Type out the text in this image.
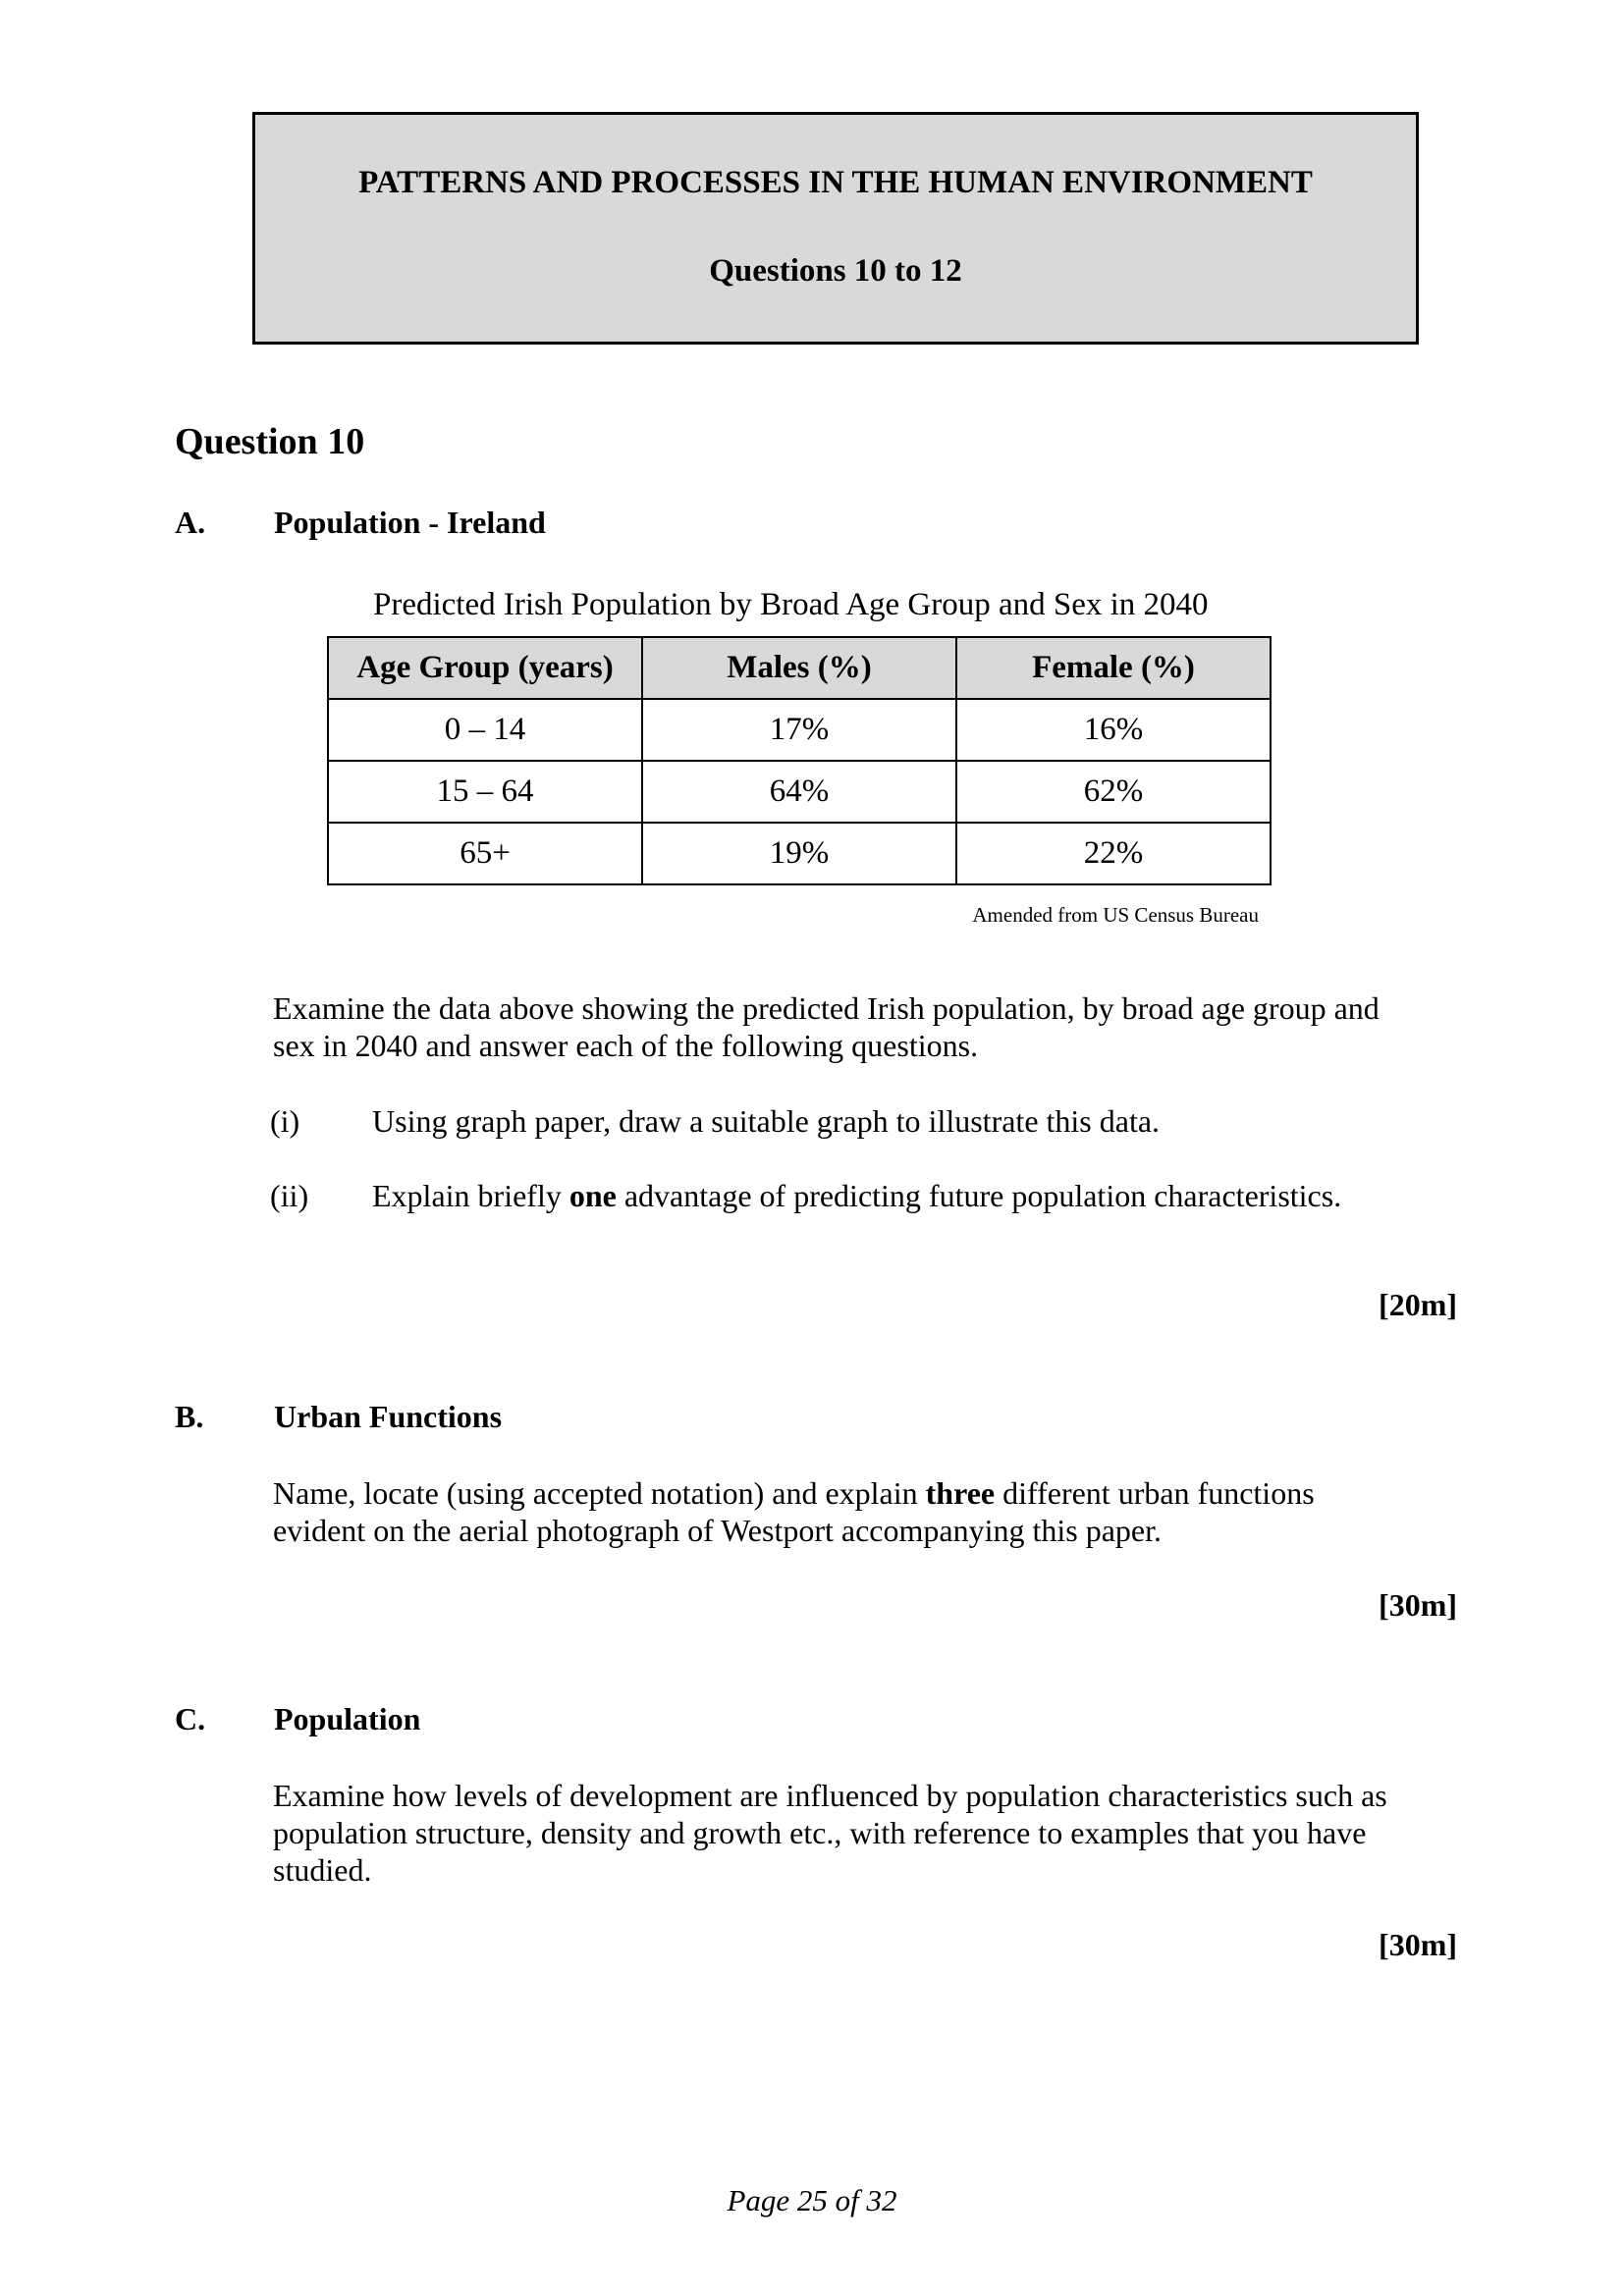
PATTERNS AND PROCESSES IN THE HUMAN ENVIRONMENT
Questions 10 to 12
Question 10
A. Population - Ireland
Predicted Irish Population by Broad Age Group and Sex in 2040
Age Group (years)	Males (%)	Female (%)
0 – 14	17%	16%
15 – 64	64%	62%
65+	19%	22%
Amended from US Census Bureau
Examine the data above showing the predicted Irish population, by broad age group and
sex in 2040 and answer each of the following questions.
(i) Using graph paper, draw a suitable graph to illustrate this data.
(ii) Explain briefly one advantage of predicting future population characteristics.
[20m]
B. Urban Functions
Name, locate (using accepted notation) and explain three different urban functions
evident on the aerial photograph of Westport accompanying this paper.
[30m]
C. Population
Examine how levels of development are influenced by population characteristics such as
population structure, density and growth etc., with reference to examples that you have
studied.
[30m]
Page 25 of 32
